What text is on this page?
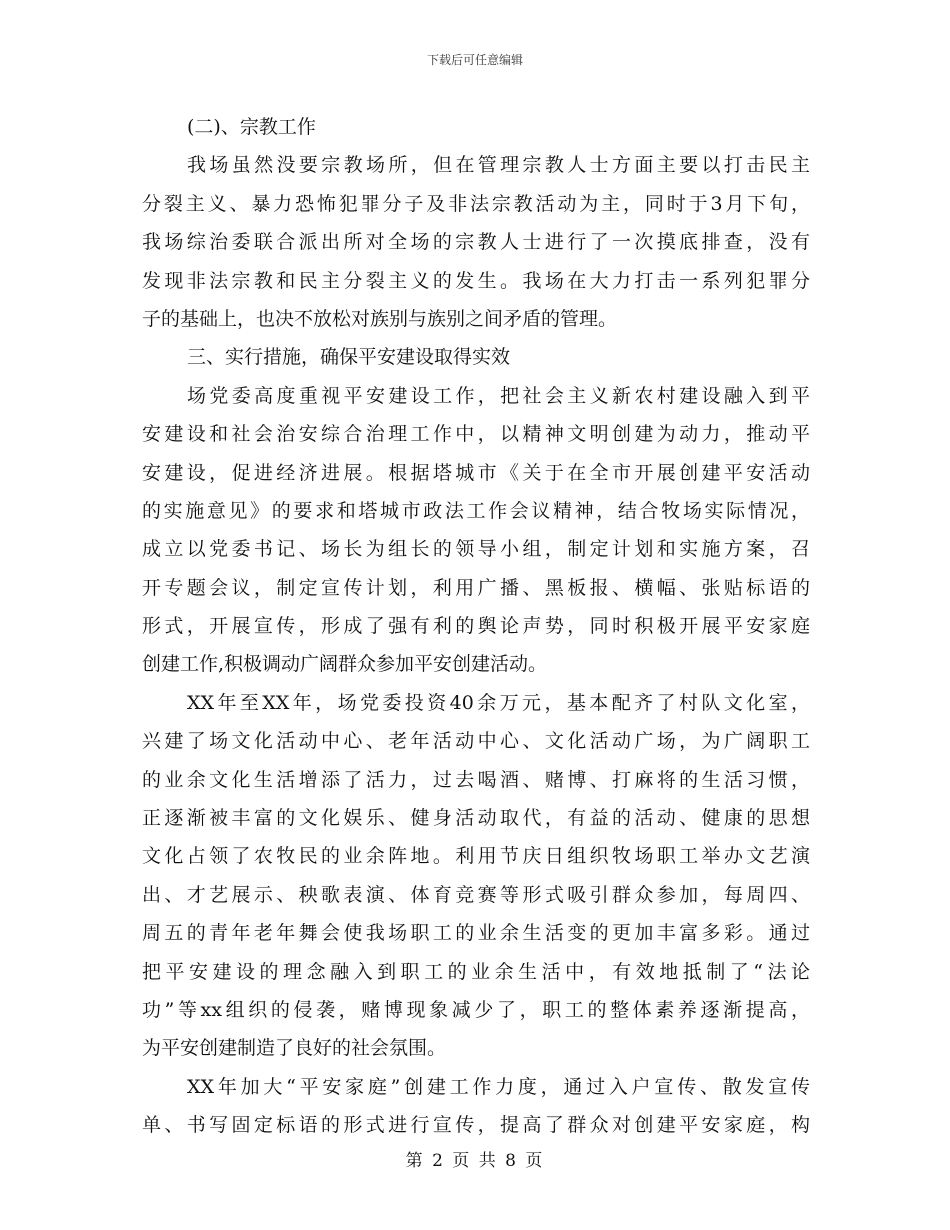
下载后可任意编辑
(二)、宗教工作
我场虽然没要宗教场所，但在管理宗教人士方面主要以打击民主
分裂主义、暴力恐怖犯罪分子及非法宗教活动为主，同时于3月下旬，
我场综治委联合派出所对全场的宗教人士进行了一次摸底排查，没有
发现非法宗教和民主分裂主义的发生。我场在大力打击一系列犯罪分
子的基础上，也决不放松对族别与族别之间矛盾的管理。
三、实行措施，确保平安建设取得实效
场党委高度重视平安建设工作，把社会主义新农村建设融入到平
安建设和社会治安综合治理工作中，以精神文明创建为动力，推动平
安建设，促进经济进展。根据塔城市《关于在全市开展创建平安活动
的实施意见》的要求和塔城市政法工作会议精神，结合牧场实际情况，
成立以党委书记、场长为组长的领导小组，制定计划和实施方案，召
开专题会议，制定宣传计划，利用广播、黑板报、横幅、张贴标语的
形式，开展宣传，形成了强有利的舆论声势，同时积极开展平安家庭
创建工作,积极调动广阔群众参加平安创建活动。
XX年至XX年，场党委投资40余万元，基本配齐了村队文化室，
兴建了场文化活动中心、老年活动中心、文化活动广场，为广阔职工
的业余文化生活增添了活力，过去喝酒、赌博、打麻将的生活习惯，
正逐渐被丰富的文化娱乐、健身活动取代，有益的活动、健康的思想
文化占领了农牧民的业余阵地。利用节庆日组织牧场职工举办文艺演
出、才艺展示、秧歌表演、体育竞赛等形式吸引群众参加，每周四、
周五的青年老年舞会使我场职工的业余生活变的更加丰富多彩。通过
把平安建设的理念融入到职工的业余生活中，有效地抵制了“法论
功”等xx组织的侵袭，赌博现象减少了，职工的整体素养逐渐提高，
为平安创建制造了良好的社会氛围。
XX年加大“平安家庭”创建工作力度，通过入户宣传、散发宣传
单、书写固定标语的形式进行宣传，提高了群众对创建平安家庭，构
第 2 页 共 8 页
